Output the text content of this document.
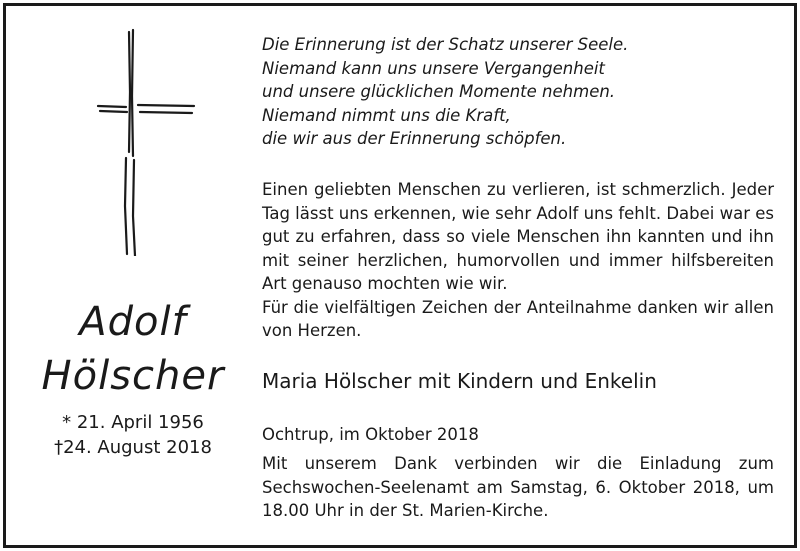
Adolf
Hölscher
* 21. April 1956
†24. August 2018
Die Erinnerung ist der Schatz unserer Seele.
Niemand kann uns unsere Vergangenheit
und unsere glücklichen Momente nehmen.
Niemand nimmt uns die Kraft,
die wir aus der Erinnerung schöpfen.
Einen geliebten Menschen zu verlieren, ist schmerzlich. Jeder Tag lässt uns erkennen, wie sehr Adolf uns fehlt. Dabei war es gut zu erfahren, dass so viele Menschen ihn kannten und ihn mit seiner herzlichen, humorvollen und immer hilfsbereiten Art genauso mochten wie wir.
Für die vielfältigen Zeichen der Anteilnahme danken wir allen von Herzen.
Maria Hölscher mit Kindern und Enkelin
Ochtrup, im Oktober 2018
Mit unserem Dank verbinden wir die Einladung zum Sechswochen-Seelenamt am Samstag, 6. Oktober 2018, um 18.00 Uhr in der St. Marien-Kirche.
